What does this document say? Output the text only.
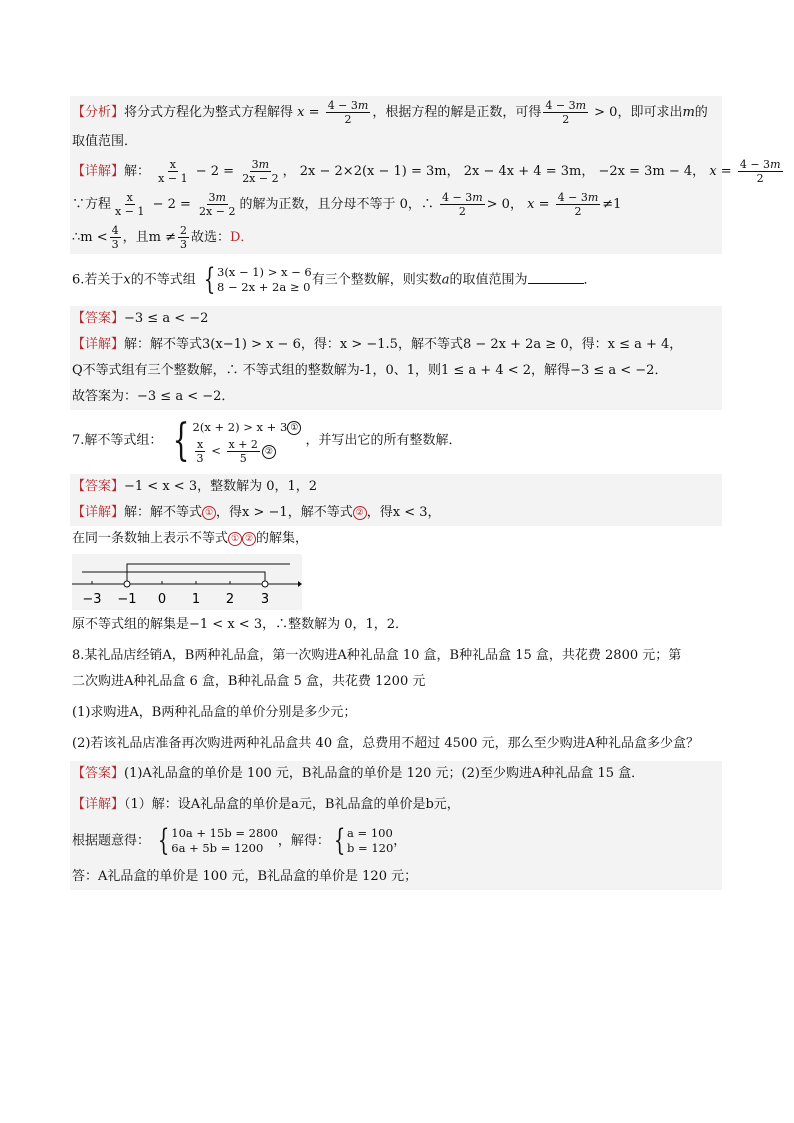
【分析】将分式方程化为整式方程解得 $x = \frac{4 - 3m}{2}$ ，根据方程的解是正数，可得 $\frac{4 - 3m}{2} > 0$，即可求出m的
取值范围．
【详解】解： $\frac{x}{x - 1} - 2 = \frac{3m}{2x - 2}$ ， 2x − 2×2(x − 1) = 3m， 2x − 4x + 4 = 3m， −2x = 3m − 4， $x = \frac{4 - 3m}{2}$
∵方程 $\frac{x}{x - 1} - 2 = \frac{3m}{2x - 2}$ 的解为正数，且分母不等于 0，∴ $\frac{4 - 3m}{2} > 0$， $x = \frac{4 - 3m}{2} \ne 1$
∴m < $\frac{4}{3}$ ，且$m \ne \frac{2}{3}$ 故选：D．
6.若关于x的不等式组 { 3(x − 1) > x − 6
8 − 2x + 2a ≥ 0 有三个整数解，则实数a的取值范围为	．
【答案】−3 ≤ a < −2
【详解】解：解不等式3(x−1) > x − 6，得：x > −1.5，解不等式8 − 2x + 2a ≥ 0，得：x ≤ a + 4，
Q不等式组有三个整数解，∴ 不等式组的整数解为-1，0、1，则1 ≤ a + 4 < 2，解得−3 ≤ a < −2．
故答案为：−3 ≤ a < −2．
7.解不等式组： { 2(x + 2) > x + 3 ①
$\frac{x}{3} < \frac{x + 2}{5}$ ②
，并写出它的所有整数解．
【答案】−1 < x < 3，整数解为 0，1，2
【详解】解：解不等式 ① ，得x > −1，解不等式 ② ，得x < 3，
在同一条数轴上表示不等式 ① ② 的解集，
−3 −1 0 1 2 3
原不等式组的解集是−1 < x < 3，∴整数解为 0，1，2．
8.某礼品店经销A，B两种礼品盒，第一次购进A种礼品盒 10 盒，B种礼品盒 15 盒，共花费 2800 元；第
二次购进A种礼品盒 6 盒，B种礼品盒 5 盒，共花费 1200 元
(1)求购进A，B两种礼品盒的单价分别是多少元；
(2)若该礼品店准备再次购进两种礼品盒共 40 盒，总费用不超过 4500 元，那么至少购进A种礼品盒多少盒？
【答案】(1)A礼品盒的单价是 100 元，B礼品盒的单价是 120 元；(2)至少购进A种礼品盒 15 盒．
【详解】（1）解：设A礼品盒的单价是a元，B礼品盒的单价是b元，
根据题意得： { 10a + 15b = 2800
6a + 5b = 1200	，解得： { a = 100
b = 120 ，
答：A礼品盒的单价是 100 元，B礼品盒的单价是 120 元；
